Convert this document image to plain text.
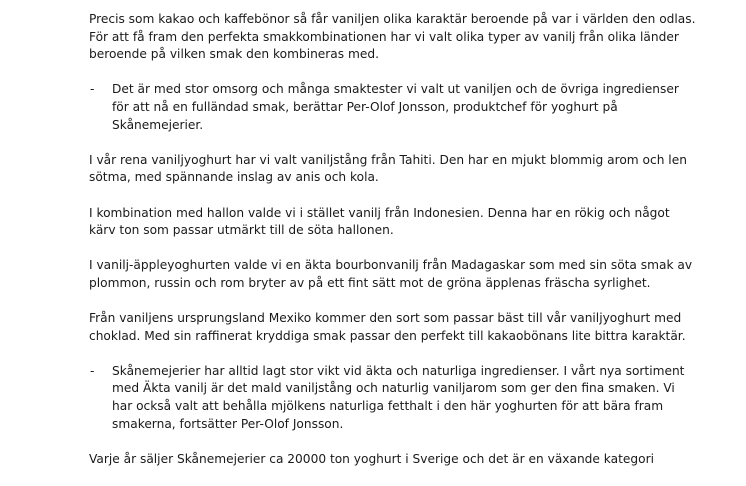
Precis som kakao och kaffebönor så får vaniljen olika karaktär beroende på var i världen den odlas.
För att få fram den perfekta smakkombinationen har vi valt olika typer av vanilj från olika länder
beroende på vilken smak den kombineras med.

- Det är med stor omsorg och många smaktester vi valt ut vaniljen och de övriga ingredienser
för att nå en fulländad smak, berättar Per-Olof Jonsson, produktchef för yoghurt på
Skånemejerier.

I vår rena vaniljyoghurt har vi valt vaniljstång från Tahiti. Den har en mjukt blommig arom och len
sötma, med spännande inslag av anis och kola.

I kombination med hallon valde vi i stället vanilj från Indonesien. Denna har en rökig och något
kärv ton som passar utmärkt till de söta hallonen.

I vanilj-äppleyoghurten valde vi en äkta bourbonvanilj från Madagaskar som med sin söta smak av
plommon, russin och rom bryter av på ett fint sätt mot de gröna äpplenas fräscha syrlighet.

Från vaniljens ursprungsland Mexiko kommer den sort som passar bäst till vår vaniljyoghurt med
choklad. Med sin raffinerat kryddiga smak passar den perfekt till kakaobönans lite bittra karaktär.

- Skånemejerier har alltid lagt stor vikt vid äkta och naturliga ingredienser. I vårt nya sortiment
med Äkta vanilj är det mald vaniljstång och naturlig vaniljarom som ger den fina smaken. Vi
har också valt att behålla mjölkens naturliga fetthalt i den här yoghurten för att bära fram
smakerna, fortsätter Per-Olof Jonsson.

Varje år säljer Skånemejerier ca 20000 ton yoghurt i Sverige och det är en växande kategori
